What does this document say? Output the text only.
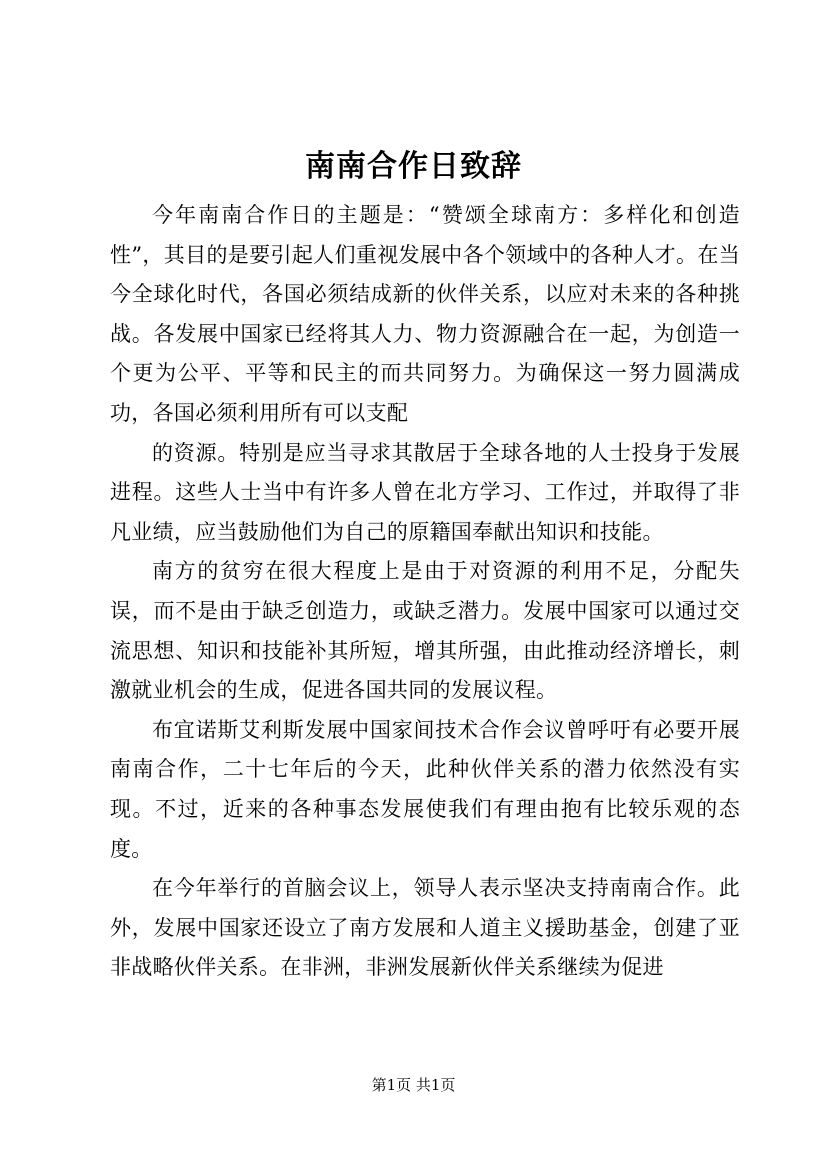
南南合作日致辞

今年南南合作日的主题是：“赞颂全球南方：多样化和创造性”，其目的是要引起人们重视发展中各个领域中的各种人才。在当今全球化时代，各国必须结成新的伙伴关系，以应对未来的各种挑战。各发展中国家已经将其人力、物力资源融合在一起，为创造一个更为公平、平等和民主的而共同努力。为确保这一努力圆满成功，各国必须利用所有可以支配

的资源。特别是应当寻求其散居于全球各地的人士投身于发展进程。这些人士当中有许多人曾在北方学习、工作过，并取得了非凡业绩，应当鼓励他们为自己的原籍国奉献出知识和技能。

南方的贫穷在很大程度上是由于对资源的利用不足，分配失误，而不是由于缺乏创造力，或缺乏潜力。发展中国家可以通过交流思想、知识和技能补其所短，增其所强，由此推动经济增长，刺激就业机会的生成，促进各国共同的发展议程。

布宜诺斯艾利斯发展中国家间技术合作会议曾呼吁有必要开展南南合作，二十七年后的今天，此种伙伴关系的潜力依然没有实现。不过，近来的各种事态发展使我们有理由抱有比较乐观的态度。

在今年举行的首脑会议上，领导人表示坚决支持南南合作。此外，发展中国家还设立了南方发展和人道主义援助基金，创建了亚非战略伙伴关系。在非洲，非洲发展新伙伴关系继续为促进

第1页 共1页
